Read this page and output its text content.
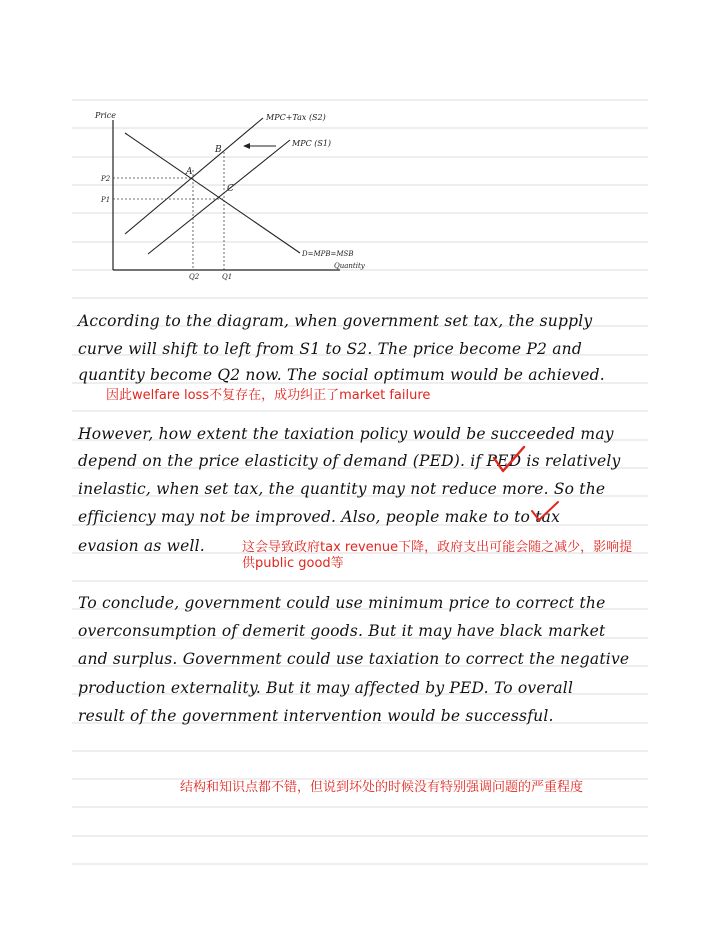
Price
Quantity
MPC+Tax (S2)
MPC (S1)
D=MPB=MSB
A
B
C
P2
P1
Q2	Q1
According to the diagram, when government set tax, the supply
curve will shift to left from S1 to S2. The price become P2 and
quantity become Q2 now. The social optimum would be achieved.
因此welfare loss不复存在，成功纠正了market failure
However, how extent the taxiation policy would be succeeded may
depend on the price elasticity of demand (PED). if PED is relatively
inelastic, when set tax, the quantity may not reduce more. So the
efficiency may not be improved. Also, people make to to tax
evasion as well.	这会导致政府tax revenue下降，政府支出可能会随之减少，影响提
供public good等
To conclude, government could use minimum price to correct the
overconsumption of demerit goods. But it may have black market
and surplus. Government could use taxiation to correct the negative
production externality. But it may affected by PED. To overall
result of the government intervention would be successful.
结构和知识点都不错，但说到坏处的时候没有特别强调问题的严重程度
